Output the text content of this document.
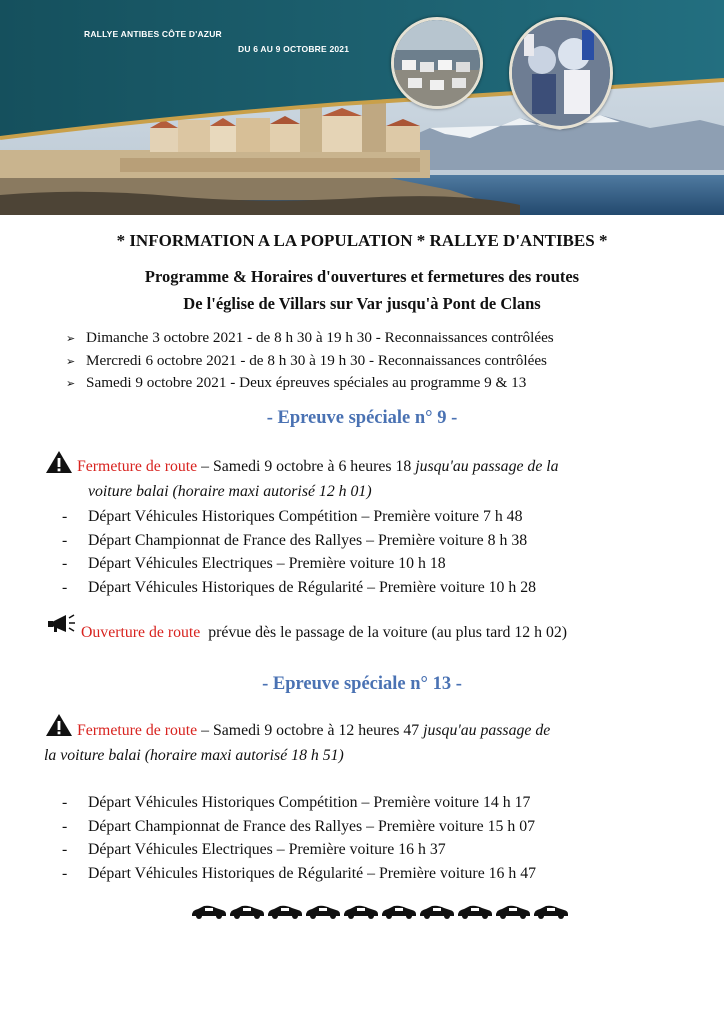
RALLYE ANTIBES CÔTE D'AZUR
DU 6 AU 9 OCTOBRE 2021
* INFORMATION A LA POPULATION * RALLYE D'ANTIBES *
Programme & Horaires d'ouvertures et fermetures des routes
De l'église de Villars sur Var jusqu'à Pont de Clans
➢ Dimanche 3 octobre 2021 - de 8 h 30 à 19 h 30 - Reconnaissances contrôlées
➢ Mercredi 6 octobre 2021 - de 8 h 30 à 19 h 30 - Reconnaissances contrôlées
➢ Samedi 9 octobre 2021 - Deux épreuves spéciales au programme 9 & 13
- Epreuve spéciale n° 9 -
Fermeture de route – Samedi 9 octobre à 6 heures 18 jusqu'au passage de la
voiture balai (horaire maxi autorisé 12 h 01)
-	Départ Véhicules Historiques Compétition – Première voiture 7 h 48
-	Départ Championnat de France des Rallyes – Première voiture 8 h 38
-	Départ Véhicules Electriques – Première voiture 10 h 18
-	Départ Véhicules Historiques de Régularité – Première voiture 10 h 28
Ouverture de route  prévue dès le passage de la voiture (au plus tard 12 h 02)
- Epreuve spéciale n° 13 -
Fermeture de route – Samedi 9 octobre à 12 heures 47 jusqu'au passage de
la voiture balai (horaire maxi autorisé 18 h 51)
-	Départ Véhicules Historiques Compétition – Première voiture 14 h 17
-	Départ Championnat de France des Rallyes – Première voiture 15 h 07
-	Départ Véhicules Electriques – Première voiture 16 h 37
-	Départ Véhicules Historiques de Régularité – Première voiture 16 h 47
